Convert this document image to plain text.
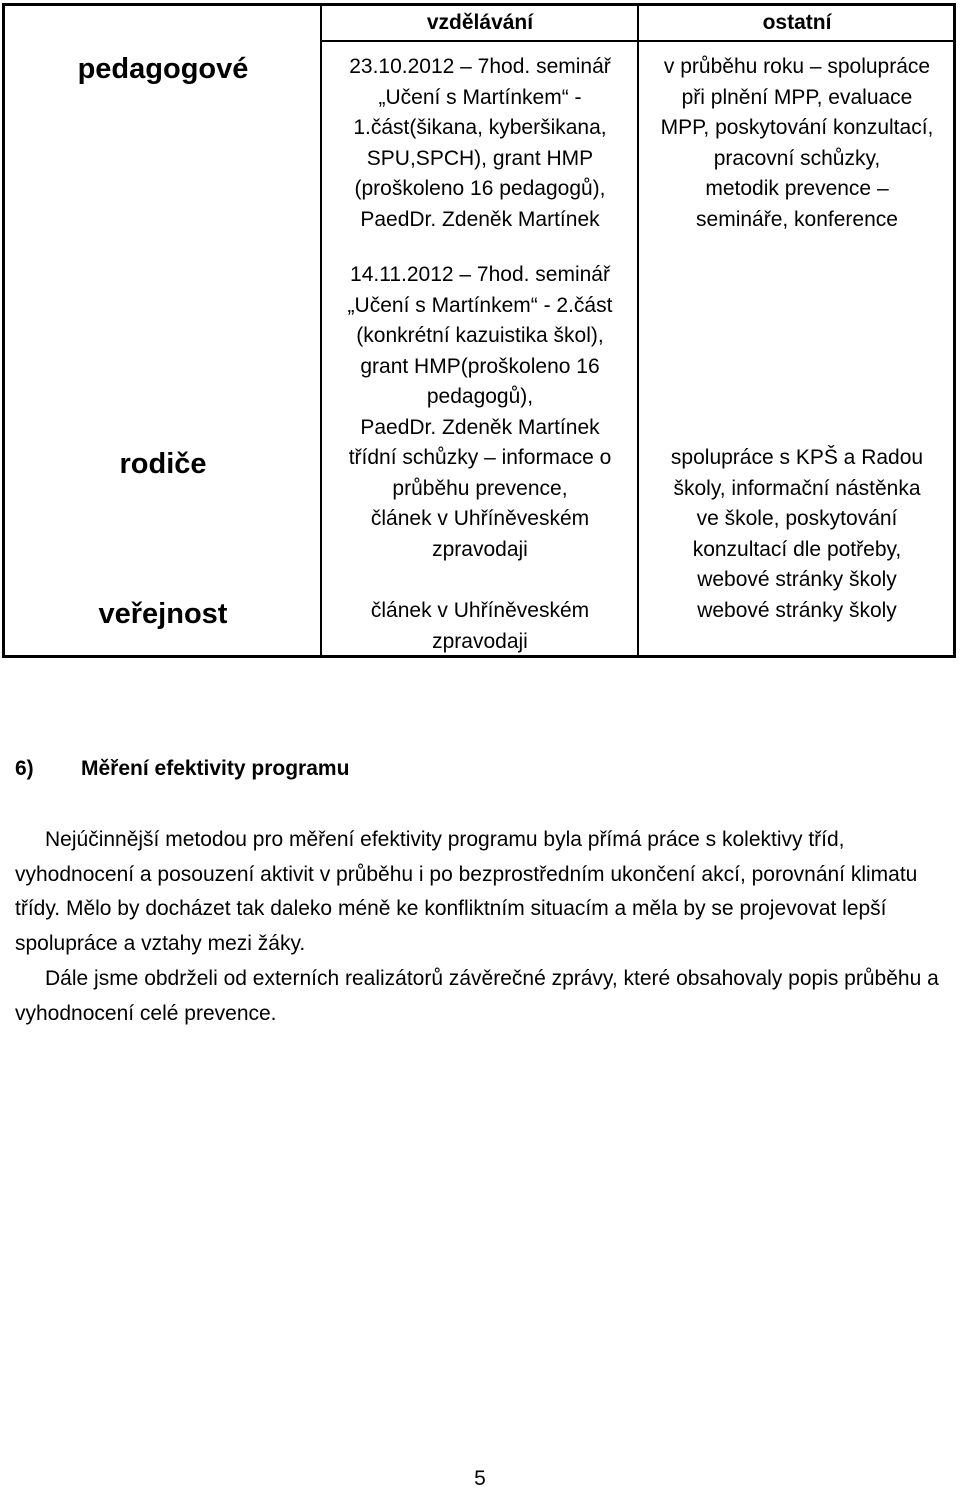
vzdělávání	ostatní
pedagogové
rodiče
veřejnost
23.10.2012 – 7hod. seminář
„Učení s Martínkem“ -
1.část(šikana, kyberšikana,
SPU,SPCH), grant HMP
(proškoleno 16 pedagogů),
PaedDr. Zdeněk Martínek
14.11.2012 – 7hod. seminář
„Učení s Martínkem“ - 2.část
(konkrétní kazuistika škol),
grant HMP(proškoleno 16
pedagogů),
PaedDr. Zdeněk Martínek
v průběhu roku – spolupráce
při plnění MPP, evaluace
MPP, poskytování konzultací,
pracovní schůzky,
metodik prevence –
semináře, konference
třídní schůzky – informace o
průběhu prevence,
článek v Uhříněveském
zpravodaji
spolupráce s KPŠ a Radou
školy, informační nástěnka
ve škole, poskytování
konzultací dle potřeby,
webové stránky školy
článek v Uhříněveském
zpravodaji
webové stránky školy
6) Měření efektivity programu
Nejúčinnější metodou pro měření efektivity programu byla přímá práce s kolektivy tříd, vyhodnocení a posouzení aktivit v průběhu i po bezprostředním ukončení akcí, porovnání klimatu třídy. Mělo by docházet tak daleko méně ke konfliktním situacím a měla by se projevovat lepší spolupráce a vztahy mezi žáky.
Dále jsme obdrželi od externích realizátorů závěrečné zprávy, které obsahovaly popis průběhu a vyhodnocení celé prevence.
5
